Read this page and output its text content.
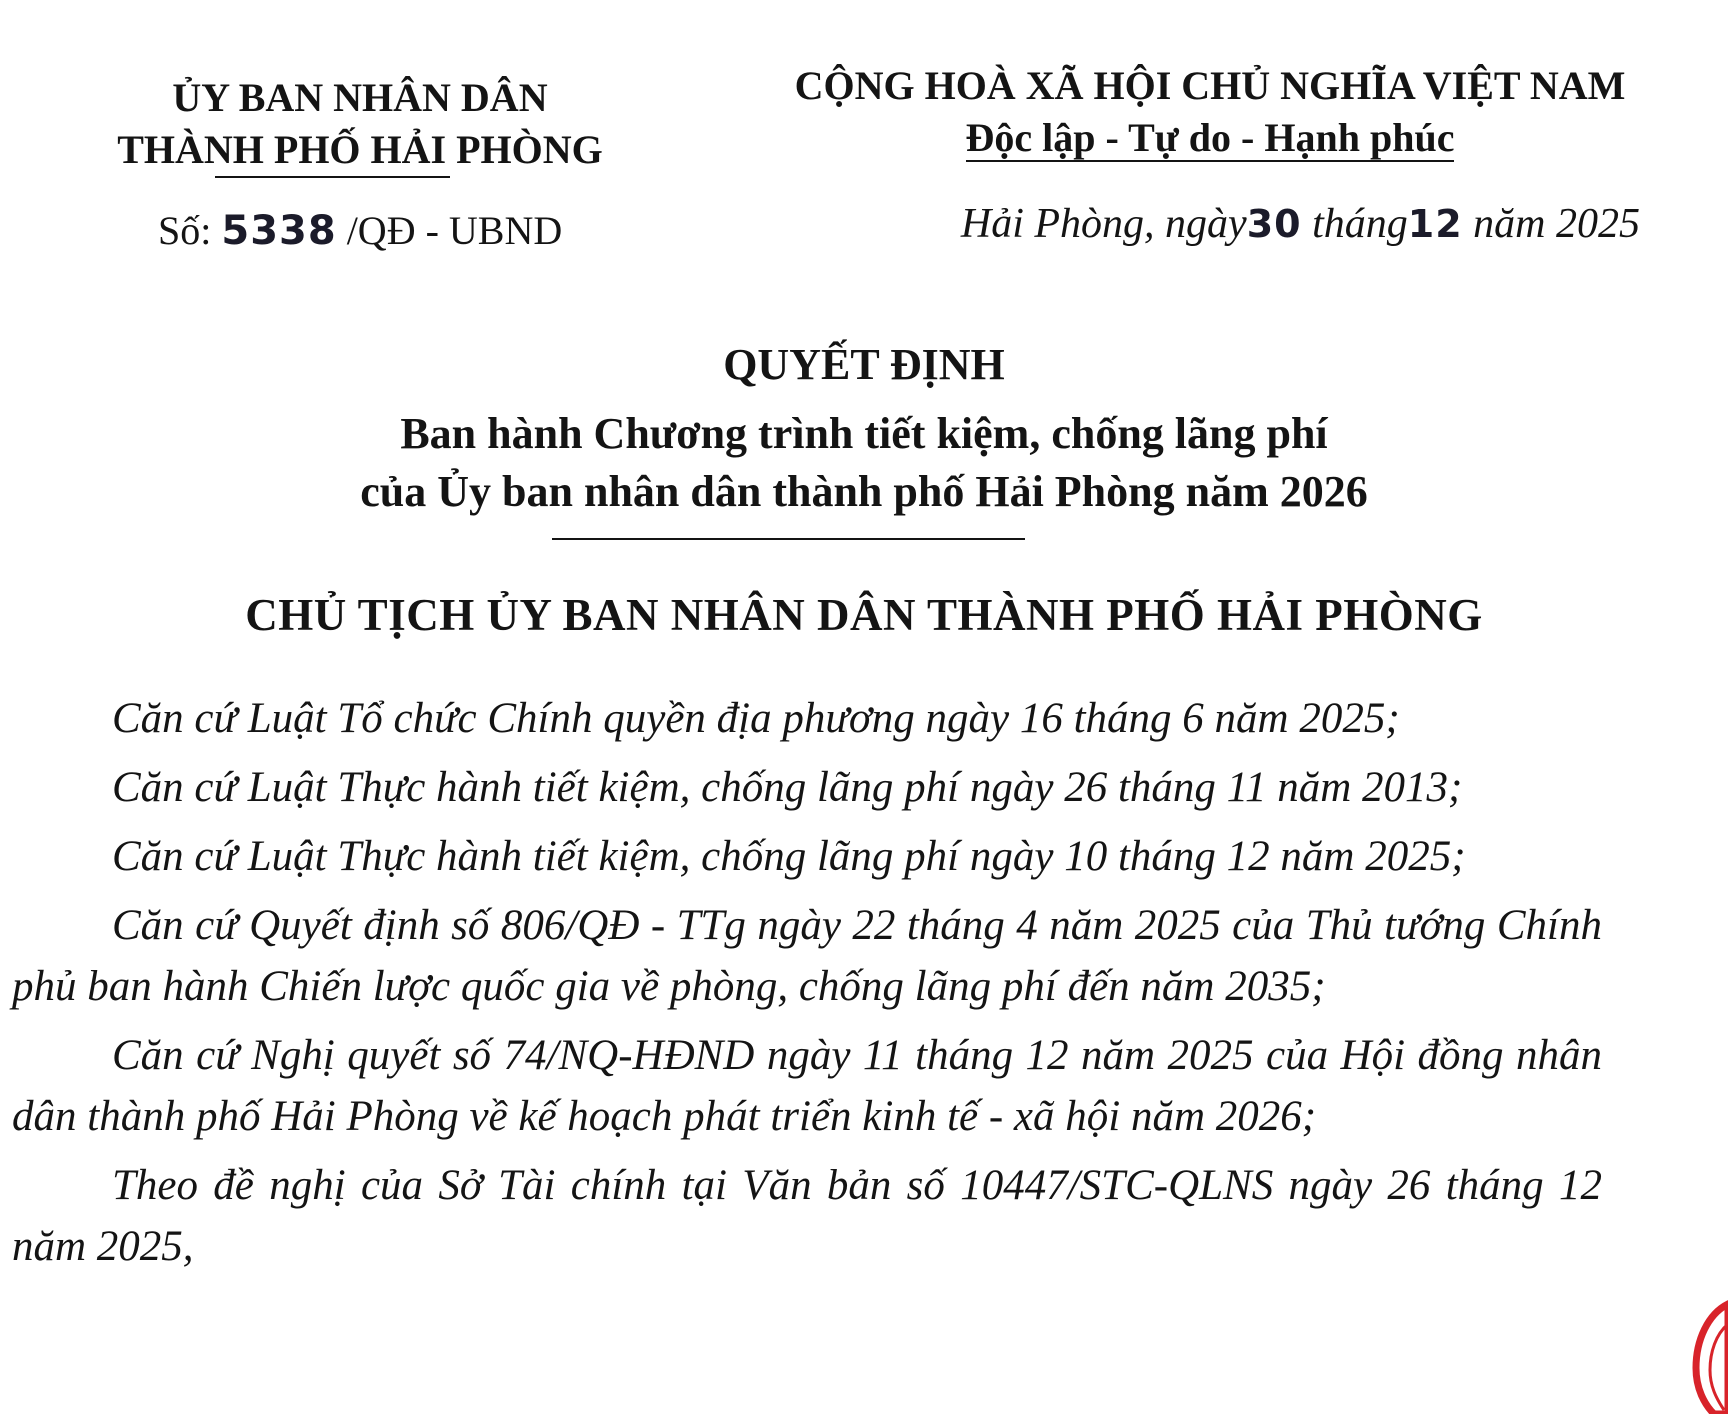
ỦY BAN NHÂN DÂN
THÀNH PHỐ HẢI PHÒNG
CỘNG HOÀ XÃ HỘI CHỦ NGHĨA VIỆT NAM
Độc lập - Tự do - Hạnh phúc
Số: 5338 /QĐ - UBND	Hải Phòng, ngày30 tháng12 năm 2025
QUYẾT ĐỊNH
Ban hành Chương trình tiết kiệm, chống lãng phí
của Ủy ban nhân dân thành phố Hải Phòng năm 2026
CHỦ TỊCH ỦY BAN NHÂN DÂN THÀNH PHỐ HẢI PHÒNG

Căn cứ Luật Tổ chức Chính quyền địa phương ngày 16 tháng 6 năm 2025;

Căn cứ Luật Thực hành tiết kiệm, chống lãng phí ngày 26 tháng 11 năm 2013;

Căn cứ Luật Thực hành tiết kiệm, chống lãng phí ngày 10 tháng 12 năm 2025;

Căn cứ Quyết định số 806/QĐ - TTg ngày 22 tháng 4 năm 2025 của Thủ tướng Chính phủ ban hành Chiến lược quốc gia về phòng, chống lãng phí đến năm 2035;

Căn cứ Nghị quyết số 74/NQ-HĐND ngày 11 tháng 12 năm 2025 của Hội đồng nhân dân thành phố Hải Phòng về kế hoạch phát triển kinh tế - xã hội năm 2026;

Theo đề nghị của Sở Tài chính tại Văn bản số 10447/STC-QLNS ngày 26 tháng 12 năm 2025,
